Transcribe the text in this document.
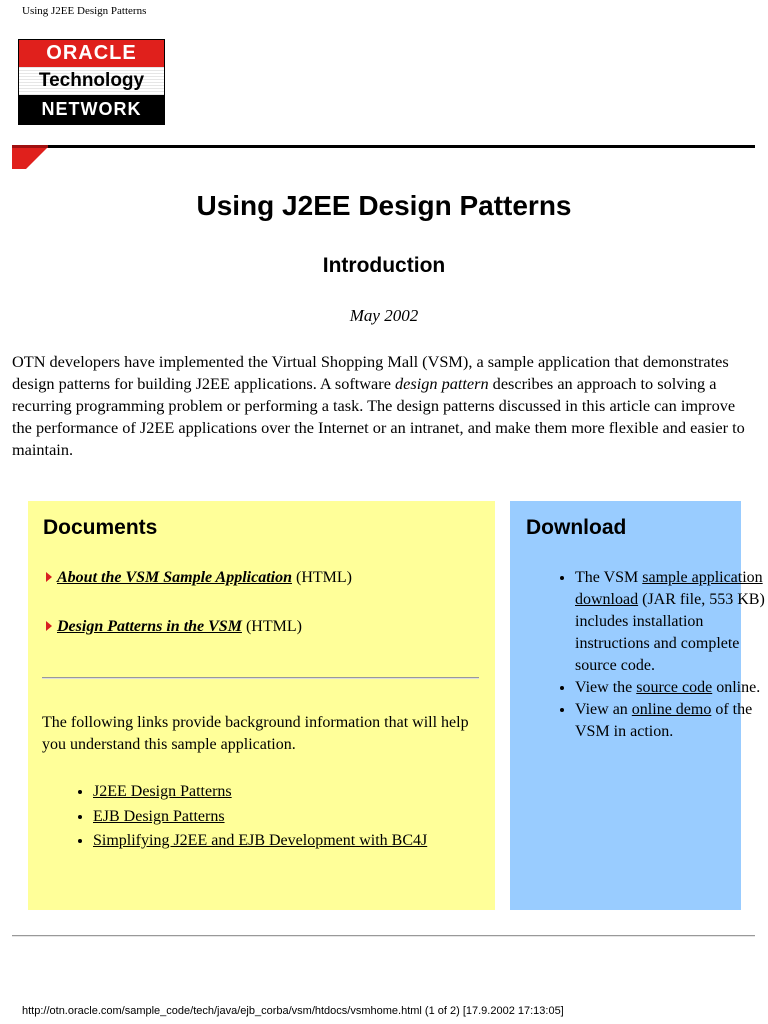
Using J2EE Design Patterns
ORACLE
Technology
NETWORK
Using J2EE Design Patterns
Introduction
May 2002

OTN developers have implemented the Virtual Shopping Mall (VSM), a sample application that demonstrates design patterns for building J2EE applications. A software design pattern describes an approach to solving a recurring programming problem or performing a task. The design patterns discussed in this article can improve the performance of J2EE applications over the Internet or an intranet, and make them more flexible and easier to maintain.

Documents
About the VSM Sample Application (HTML)
Design Patterns in the VSM (HTML)

The following links provide background information that will help you understand this sample application.

• J2EE Design Patterns
• EJB Design Patterns
• Simplifying J2EE and EJB Development with BC4J
Download
• The VSM sample application download (JAR file, 553 KB) includes installation instructions and complete source code.
• View the source code online.
• View an online demo of the VSM in action.
http://otn.oracle.com/sample_code/tech/java/ejb_corba/vsm/htdocs/vsmhome.html (1 of 2) [17.9.2002 17:13:05]
